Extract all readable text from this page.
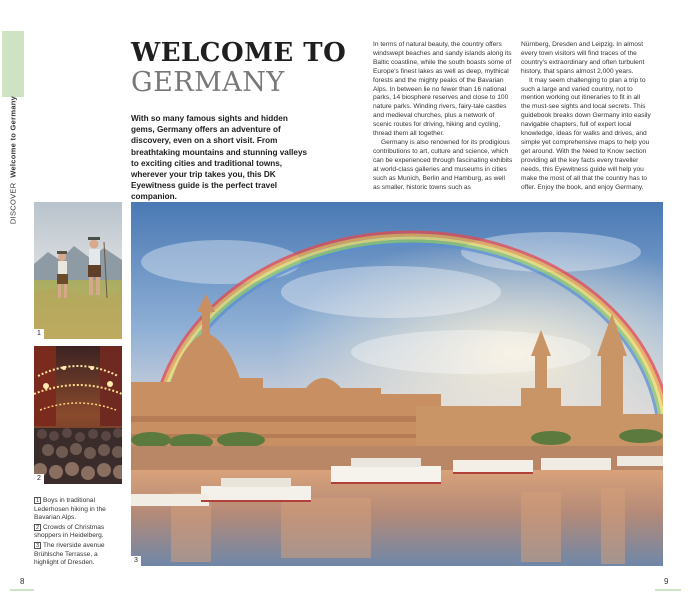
DISCOVER  Welcome to Germany
WELCOME TO
GERMANY

With so many famous sights and hidden gems, Germany offers an adventure of discovery, even on a short visit. From breathtaking mountains and stunning valleys to exciting cities and traditional towns, wherever your trip takes you, this DK Eyewitness guide is the perfect travel companion.

In terms of natural beauty, the country offers windswept beaches and sandy islands along its Baltic coastline, while the south boasts some of Europe's finest lakes as well as deep, mythical forests and the mighty peaks of the Bavarian Alps. In between lie no fewer than 16 national parks, 14 biosphere reserves and close to 100 nature parks. Winding rivers, fairy-tale castles and medieval churches, plus a network of scenic routes for driving, hiking and cycling, thread them all together.

Germany is also renowned for its prodigious contributions to art, culture and science, which can be experienced through fascinating exhibits at world-class galleries and museums in cities such as Munich, Berlin and Hamburg, as well as smaller, historic towns such as

Nürnberg, Dresden and Leipzig. In almost every town visitors will find traces of the country's extraordinary and often turbulent history, that spans almost 2,000 years.

It may seem challenging to plan a trip to such a large and varied country, not to mention working out itineraries to fit in all the must-see sights and local secrets. This guidebook breaks down Germany into easily navigable chapters, full of expert local knowledge, ideas for walks and drives, and simple yet comprehensive maps to help you get around. With the Need to Know section providing all the key facts every traveller needs, this Eyewitness guide will help you make the most of all that the country has to offer. Enjoy the book, and enjoy Germany.

1
2
3
1 Boys in traditional Lederhosen hiking in the Bavarian Alps.
2 Crowds of Christmas shoppers in Heidelberg.
3 The riverside avenue Brühlsche Terrasse, a highlight of Dresden.
8	9
